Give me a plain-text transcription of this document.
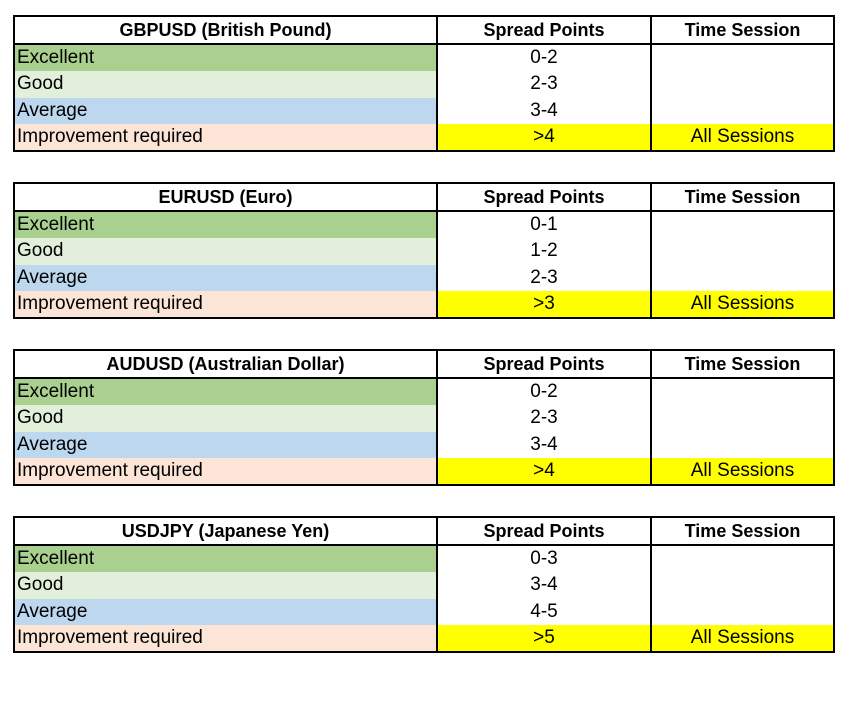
GBPUSD (British Pound)	Spread Points	Time Session
Excellent	0-2	
Good	2-3	
Average	3-4	
Improvement required	>4	All Sessions
EURUSD (Euro)	Spread Points	Time Session
Excellent	0-1	
Good	1-2	
Average	2-3	
Improvement required	>3	All Sessions
AUDUSD (Australian Dollar)	Spread Points	Time Session
Excellent	0-2	
Good	2-3	
Average	3-4	
Improvement required	>4	All Sessions
USDJPY (Japanese Yen)	Spread Points	Time Session
Excellent	0-3	
Good	3-4	
Average	4-5	
Improvement required	>5	All Sessions
